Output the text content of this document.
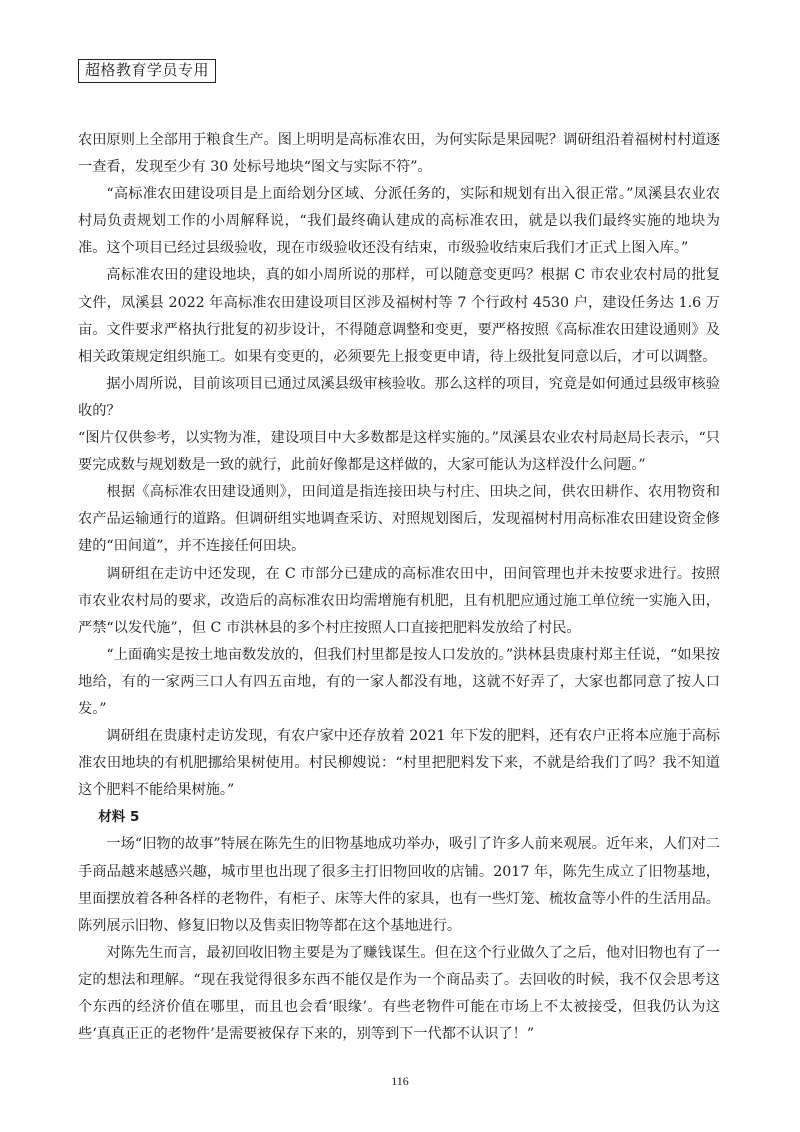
超格教育学员专用

农田原则上全部用于粮食生产。图上明明是高标准农田，为何实际是果园呢？调研组沿着福树村村道逐一查看，发现至少有 30 处标号地块“图文与实际不符”。

“高标准农田建设项目是上面给划分区域、分派任务的，实际和规划有出入很正常。”凤溪县农业农村局负责规划工作的小周解释说，“我们最终确认建成的高标准农田，就是以我们最终实施的地块为准。这个项目已经过县级验收，现在市级验收还没有结束，市级验收结束后我们才正式上图入库。”

高标准农田的建设地块，真的如小周所说的那样，可以随意变更吗？根据 C 市农业农村局的批复文件，凤溪县 2022 年高标准农田建设项目区涉及福树村等 7 个行政村 4530 户，建设任务达 1.6 万亩。文件要求严格执行批复的初步设计，不得随意调整和变更，要严格按照《高标准农田建设通则》及相关政策规定组织施工。如果有变更的，必须要先上报变更申请，待上级批复同意以后，才可以调整。

据小周所说，目前该项目已通过凤溪县级审核验收。那么这样的项目，究竟是如何通过县级审核验收的？

“图片仅供参考，以实物为准，建设项目中大多数都是这样实施的。”凤溪县农业农村局赵局长表示，“只要完成数与规划数是一致的就行，此前好像都是这样做的，大家可能认为这样没什么问题。”

根据《高标准农田建设通则》，田间道是指连接田块与村庄、田块之间，供农田耕作、农用物资和农产品运输通行的道路。但调研组实地调查采访、对照规划图后，发现福树村用高标准农田建设资金修建的“田间道”，并不连接任何田块。

调研组在走访中还发现，在 C 市部分已建成的高标准农田中，田间管理也并未按要求进行。按照市农业农村局的要求，改造后的高标准农田均需增施有机肥，且有机肥应通过施工单位统一实施入田，严禁“以发代施”，但 C 市洪林县的多个村庄按照人口直接把肥料发放给了村民。

“上面确实是按土地亩数发放的，但我们村里都是按人口发放的。”洪林县贵康村郑主任说，“如果按地给，有的一家两三口人有四五亩地，有的一家人都没有地，这就不好弄了，大家也都同意了按人口发。”

调研组在贵康村走访发现，有农户家中还存放着 2021 年下发的肥料，还有农户正将本应施于高标准农田地块的有机肥挪给果树使用。村民柳嫂说：“村里把肥料发下来，不就是给我们了吗？我不知道这个肥料不能给果树施。”

材料 5

一场“旧物的故事”特展在陈先生的旧物基地成功举办，吸引了许多人前来观展。近年来，人们对二手商品越来越感兴趣，城市里也出现了很多主打旧物回收的店铺。2017 年，陈先生成立了旧物基地，里面摆放着各种各样的老物件，有柜子、床等大件的家具，也有一些灯笼、梳妆盒等小件的生活用品。陈列展示旧物、修复旧物以及售卖旧物等都在这个基地进行。

对陈先生而言，最初回收旧物主要是为了赚钱谋生。但在这个行业做久了之后，他对旧物也有了一定的想法和理解。“现在我觉得很多东西不能仅是作为一个商品卖了。去回收的时候，我不仅会思考这个东西的经济价值在哪里，而且也会看‘眼缘’。有些老物件可能在市场上不太被接受，但我仍认为这些‘真真正正的老物件’是需要被保存下来的，别等到下一代都不认识了！”

116
